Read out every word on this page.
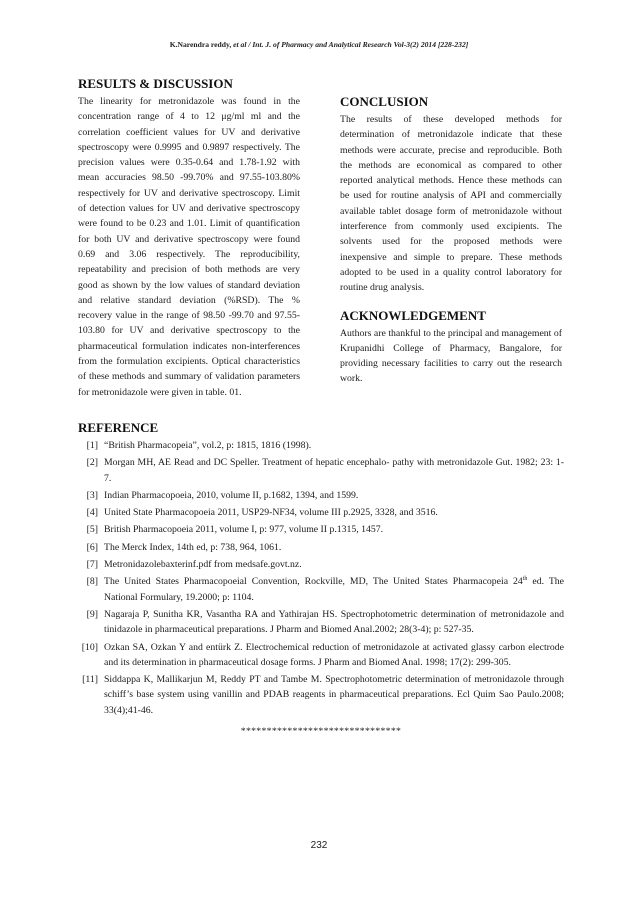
K.Narendra reddy, et al / Int. J. of Pharmacy and Analytical Research Vol-3(2) 2014 [228-232]
RESULTS & DISCUSSION

The linearity for metronidazole was found in the concentration range of 4 to 12 μg/ml ml and the correlation coefficient values for UV and derivative spectroscopy were 0.9995 and 0.9897 respectively. The precision values were 0.35-0.64 and 1.78-1.92 with mean accuracies 98.50 -99.70% and 97.55-103.80% respectively for UV and derivative spectroscopy. Limit of detection values for UV and derivative spectroscopy were found to be 0.23 and 1.01. Limit of quantification for both UV and derivative spectroscopy were found 0.69 and 3.06 respectively. The reproducibility, repeatability and precision of both methods are very good as shown by the low values of standard deviation and relative standard deviation (%RSD). The % recovery value in the range of 98.50 -99.70 and 97.55-103.80 for UV and derivative spectroscopy to the pharmaceutical formulation indicates non-interferences from the formulation excipients. Optical characteristics of these methods and summary of validation parameters for metronidazole were given in table. 01.

CONCLUSION

The results of these developed methods for determination of metronidazole indicate that these methods were accurate, precise and reproducible. Both the methods are economical as compared to other reported analytical methods. Hence these methods can be used for routine analysis of API and commercially available tablet dosage form of metronidazole without interference from commonly used excipients. The solvents used for the proposed methods were inexpensive and simple to prepare. These methods adopted to be used in a quality control laboratory for routine drug analysis.

ACKNOWLEDGEMENT

Authors are thankful to the principal and management of Krupanidhi College of Pharmacy, Bangalore, for providing necessary facilities to carry out the research work.

REFERENCE
[1] “British Pharmacopeia”, vol.2, p: 1815, 1816 (1998).
[2] Morgan MH, AE Read and DC Speller. Treatment of hepatic encephalo- pathy with metronidazole Gut. 1982; 23: 1-7.
[3] Indian Pharmacopoeia, 2010, volume II, p.1682, 1394, and 1599.
[4] United State Pharmacopoeia 2011, USP29-NF34, volume III p.2925, 3328, and 3516.
[5] British Pharmacopoeia 2011, volume I, p: 977, volume II p.1315, 1457.
[6] The Merck Index, 14th ed, p: 738, 964, 1061.
[7] Metronidazolebaxterinf.pdf from medsafe.govt.nz.
[8] The United States Pharmacopoeial Convention, Rockville, MD, The United States Pharmacopeia 24th ed. The National Formulary, 19.2000; p: 1104.
[9] Nagaraja P, Sunitha KR, Vasantha RA and Yathirajan HS. Spectrophotometric determination of metronidazole and tinidazole in pharmaceutical preparations. J Pharm and Biomed Anal.2002; 28(3-4); p: 527-35.
[10] Ozkan SA, Ozkan Y and entürk Z. Electrochemical reduction of metronidazole at activated glassy carbon electrode and its determination in pharmaceutical dosage forms. J Pharm and Biomed Anal. 1998; 17(2): 299-305.
[11] Siddappa K, Mallikarjun M, Reddy PT and Tambe M. Spectrophotometric determination of metronidazole through schiff’s base system using vanillin and PDAB reagents in pharmaceutical preparations. Ecl Quim Sao Paulo.2008; 33(4);41-46.
*******************************
232
